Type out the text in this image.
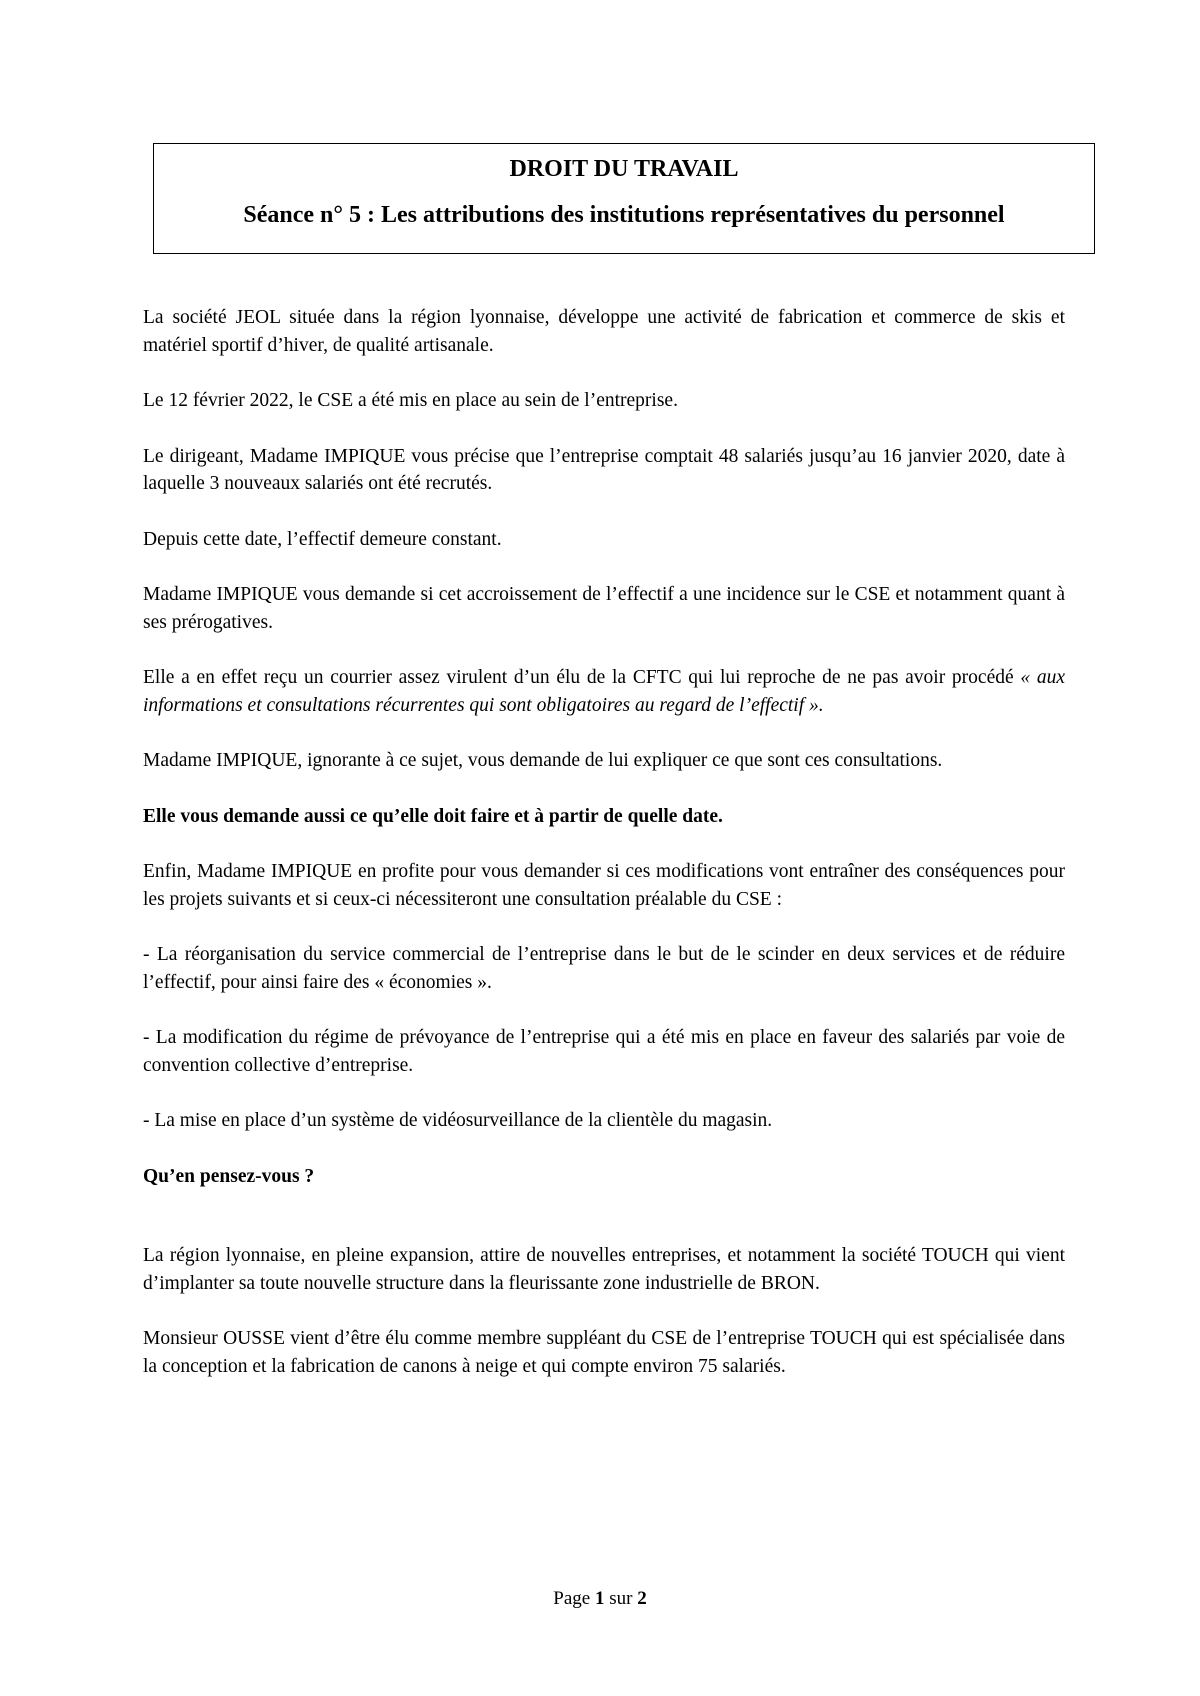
DROIT DU TRAVAIL
Séance n° 5 : Les attributions des institutions représentatives du personnel

La société JEOL située dans la région lyonnaise, développe une activité de fabrication et commerce de skis et matériel sportif d’hiver, de qualité artisanale.

Le 12 février 2022, le CSE a été mis en place au sein de l’entreprise.

Le dirigeant, Madame IMPIQUE vous précise que l’entreprise comptait 48 salariés jusqu’au 16 janvier 2020, date à laquelle 3 nouveaux salariés ont été recrutés.

Depuis cette date, l’effectif demeure constant.

Madame IMPIQUE vous demande si cet accroissement de l’effectif a une incidence sur le CSE et notamment quant à ses prérogatives.

Elle a en effet reçu un courrier assez virulent d’un élu de la CFTC qui lui reproche de ne pas avoir procédé « aux informations et consultations récurrentes qui sont obligatoires au regard de l’effectif ».

Madame IMPIQUE, ignorante à ce sujet, vous demande de lui expliquer ce que sont ces consultations.

Elle vous demande aussi ce qu’elle doit faire et à partir de quelle date.

Enfin, Madame IMPIQUE en profite pour vous demander si ces modifications vont entraîner des conséquences pour les projets suivants et si ceux-ci nécessiteront une consultation préalable du CSE :

- La réorganisation du service commercial de l’entreprise dans le but de le scinder en deux services et de réduire l’effectif, pour ainsi faire des « économies ».

- La modification du régime de prévoyance de l’entreprise qui a été mis en place en faveur des salariés par voie de convention collective d’entreprise.

- La mise en place d’un système de vidéosurveillance de la clientèle du magasin.

Qu’en pensez-vous ?

La région lyonnaise, en pleine expansion, attire de nouvelles entreprises, et notamment la société TOUCH qui vient d’implanter sa toute nouvelle structure dans la fleurissante zone industrielle de BRON.

Monsieur OUSSE vient d’être élu comme membre suppléant du CSE de l’entreprise TOUCH qui est spécialisée dans la conception et la fabrication de canons à neige et qui compte environ 75 salariés.

Page 1 sur 2
